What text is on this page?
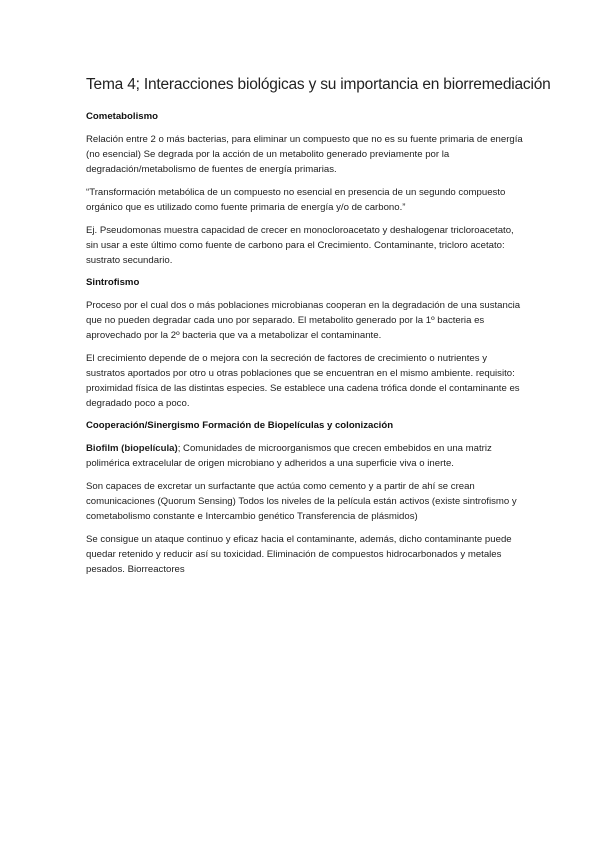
Tema 4; Interacciones biológicas y su importancia en biorremediación
Cometabolismo

Relación entre 2 o más bacterias, para eliminar un compuesto que no es su fuente primaria de energía (no esencial) Se degrada por la acción de un metabolito generado previamente por la degradación/metabolismo de fuentes de energía primarias.

“Transformación metabólica de un compuesto no esencial en presencia de un segundo compuesto orgánico que es utilizado como fuente primaria de energía y/o de carbono.”

Ej. Pseudomonas muestra capacidad de crecer en monocloroacetato y deshalogenar tricloroacetato, sin usar a este último como fuente de carbono para el Crecimiento. Contaminante, tricloro acetato: sustrato secundario.

Sintrofismo

Proceso por el cual dos o más poblaciones microbianas cooperan en la degradación de una sustancia que no pueden degradar cada uno por separado. El metabolito generado por la 1º bacteria es aprovechado por la 2º bacteria que va a metabolizar el contaminante.

El crecimiento depende de o mejora con la secreción de factores de crecimiento o nutrientes y sustratos aportados por otro u otras poblaciones que se encuentran en el mismo ambiente. requisito: proximidad física de las distintas especies. Se establece una cadena trófica donde el contaminante es degradado poco a poco.

Cooperación/Sinergismo Formación de Biopelículas y colonización

Biofilm (biopelícula); Comunidades de microorganismos que crecen embebidos en una matriz polimérica extracelular de origen microbiano y adheridos a una superficie viva o inerte.

Son capaces de excretar un surfactante que actúa como cemento y a partir de ahí se crean comunicaciones (Quorum Sensing) Todos los niveles de la película están activos (existe sintrofismo y cometabolismo constante e Intercambio genético Transferencia de plásmidos)

Se consigue un ataque continuo y eficaz hacia el contaminante, además, dicho contaminante puede quedar retenido y reducir así su toxicidad. Eliminación de compuestos hidrocarbonados y metales pesados. Biorreactores
